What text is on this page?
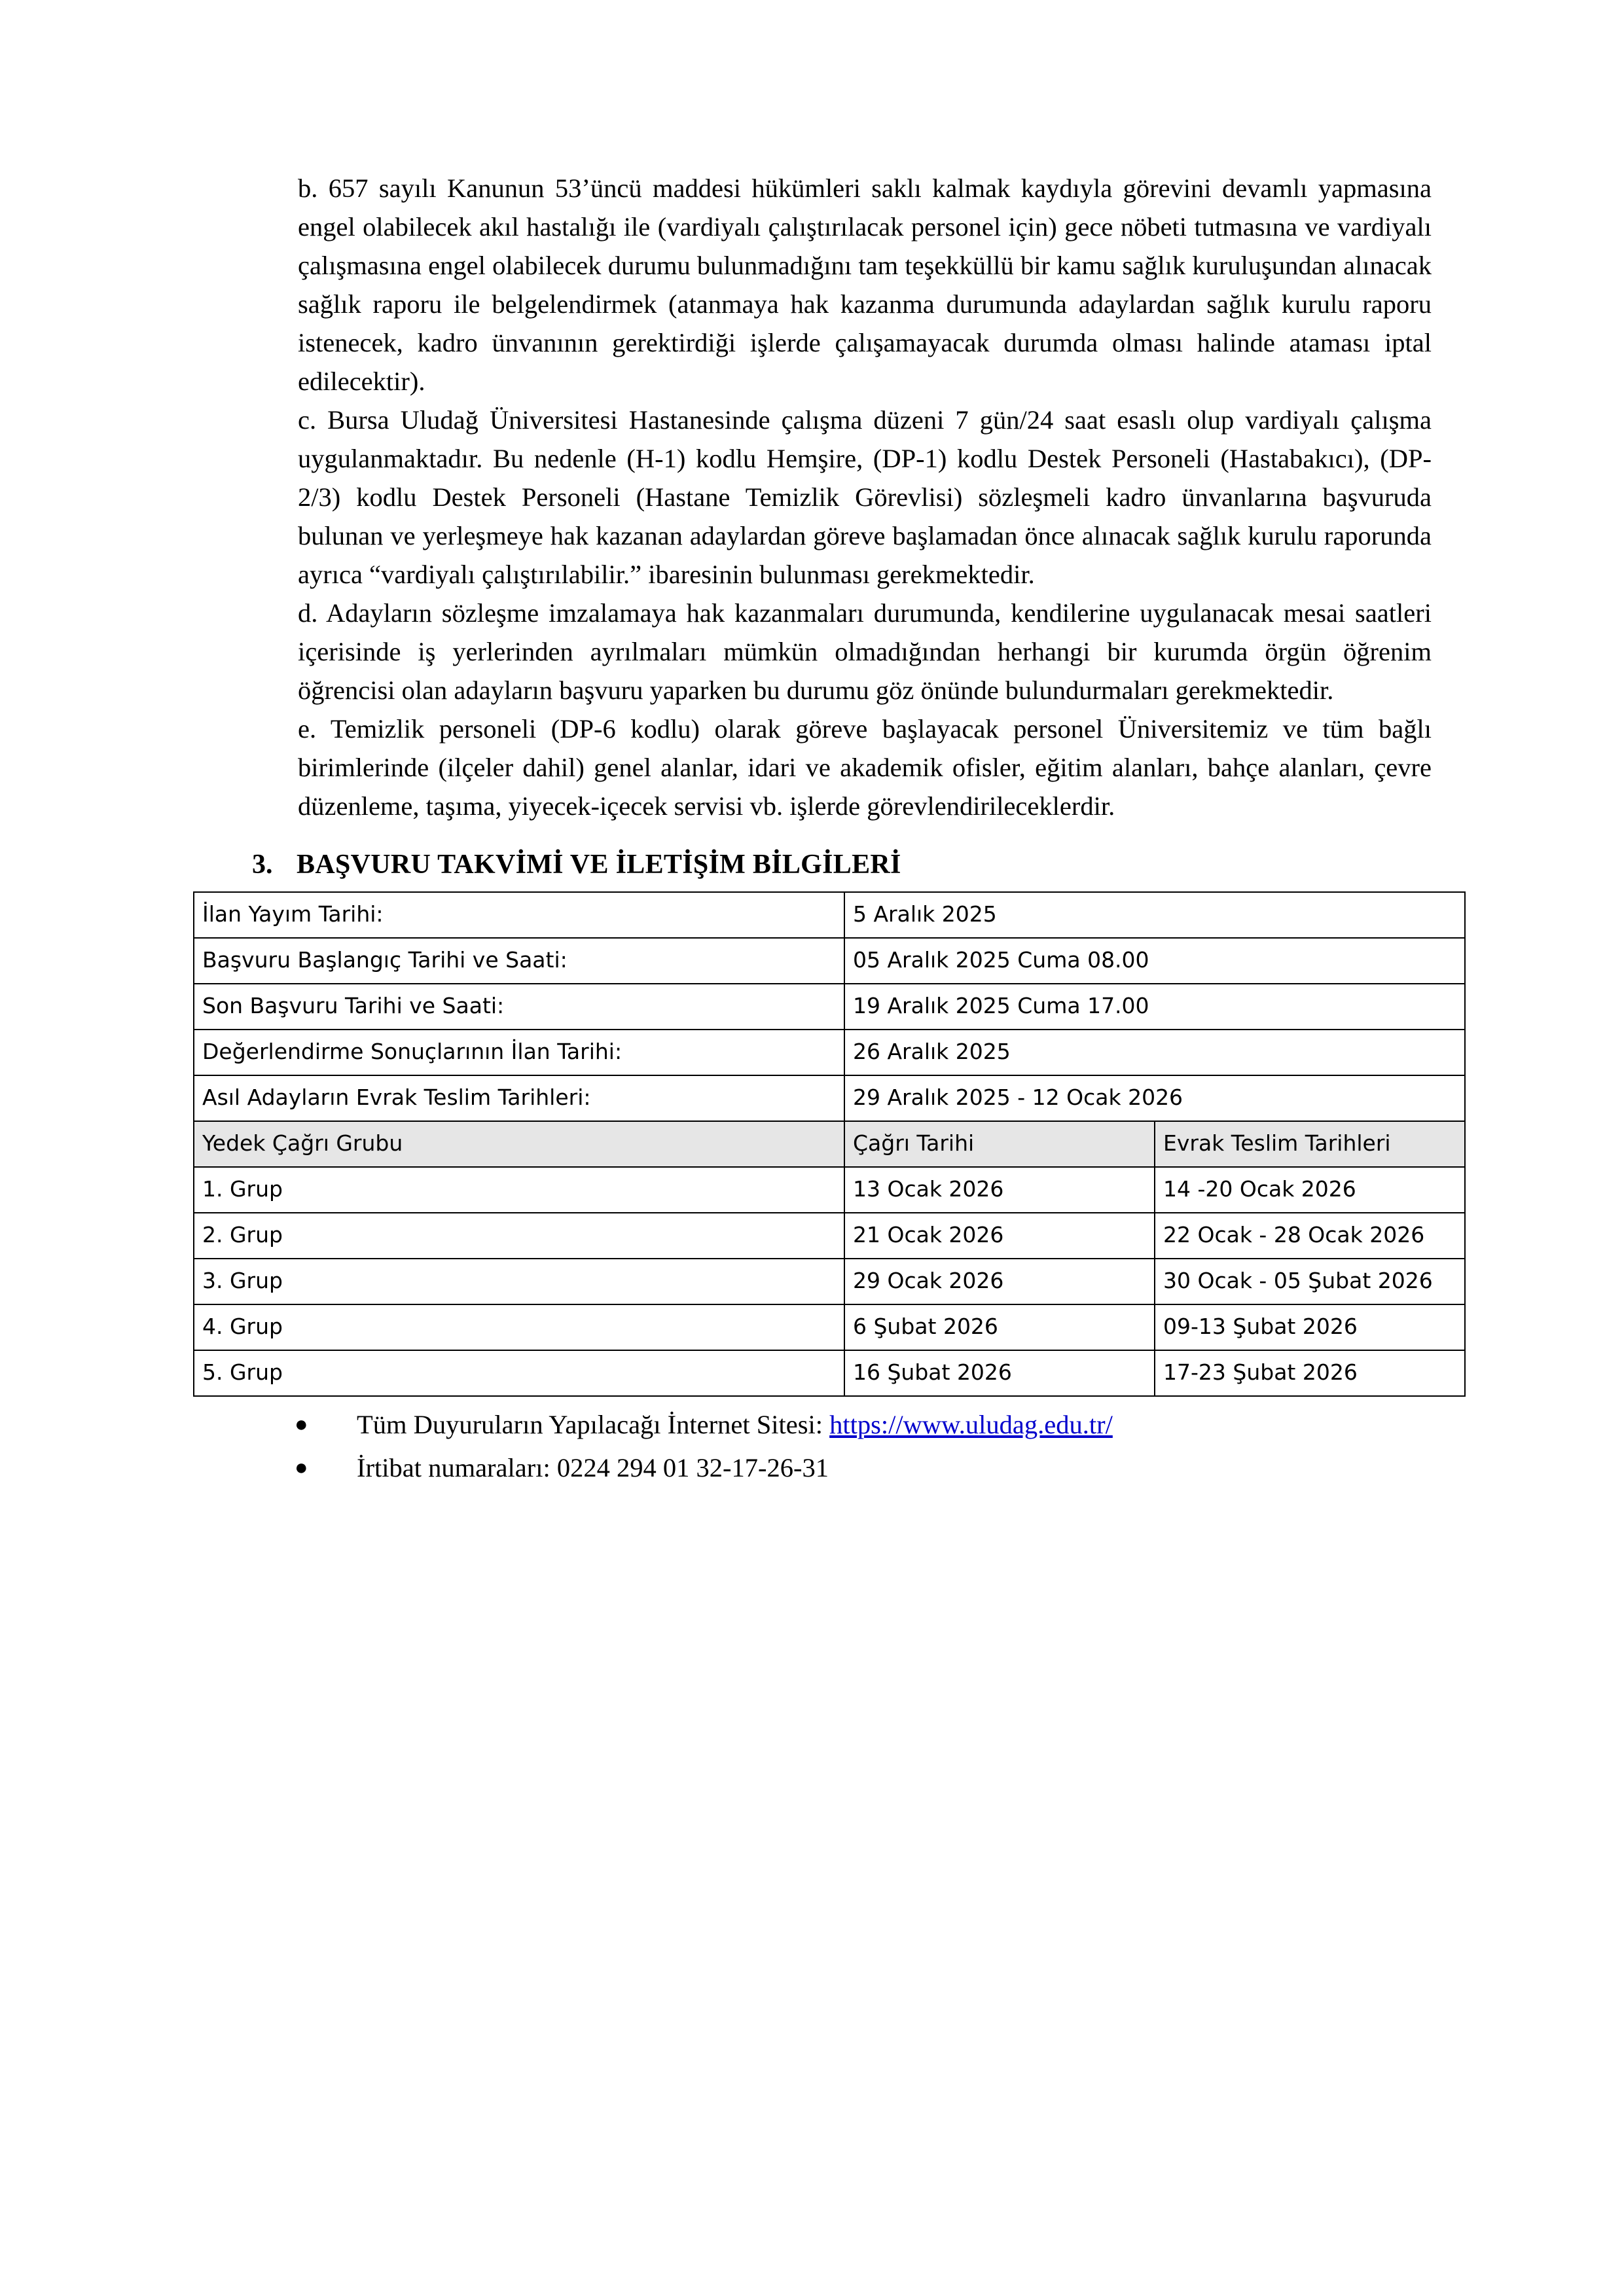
b. 657 sayılı Kanunun 53’üncü maddesi hükümleri saklı kalmak kaydıyla görevini devamlı yapmasına engel olabilecek akıl hastalığı ile (vardiyalı çalıştırılacak personel için) gece nöbeti tutmasına ve vardiyalı çalışmasına engel olabilecek durumu bulunmadığını tam teşekküllü bir kamu sağlık kuruluşundan alınacak sağlık raporu ile belgelendirmek (atanmaya hak kazanma durumunda adaylardan sağlık kurulu raporu istenecek, kadro ünvanının gerektirdiği işlerde çalışamayacak durumda olması halinde ataması iptal edilecektir).

c. Bursa Uludağ Üniversitesi Hastanesinde çalışma düzeni 7 gün/24 saat esaslı olup vardiyalı çalışma uygulanmaktadır. Bu nedenle (H-1) kodlu Hemşire, (DP-1) kodlu Destek Personeli (Hastabakıcı), (DP-2/3) kodlu Destek Personeli (Hastane Temizlik Görevlisi) sözleşmeli kadro ünvanlarına başvuruda bulunan ve yerleşmeye hak kazanan adaylardan göreve başlamadan önce alınacak sağlık kurulu raporunda ayrıca “vardiyalı çalıştırılabilir.” ibaresinin bulunması gerekmektedir.

d. Adayların sözleşme imzalamaya hak kazanmaları durumunda, kendilerine uygulanacak mesai saatleri içerisinde iş yerlerinden ayrılmaları mümkün olmadığından herhangi bir kurumda örgün öğrenim öğrencisi olan adayların başvuru yaparken bu durumu göz önünde bulundurmaları gerekmektedir.

e. Temizlik personeli (DP-6 kodlu) olarak göreve başlayacak personel Üniversitemiz ve tüm bağlı birimlerinde (ilçeler dahil) genel alanlar, idari ve akademik ofisler, eğitim alanları, bahçe alanları, çevre düzenleme, taşıma, yiyecek-içecek servisi vb. işlerde görevlendirileceklerdir.

3. BAŞVURU TAKVİMİ VE İLETİŞİM BİLGİLERİ
İlan Yayım Tarihi:	5 Aralık 2025	
Başvuru Başlangıç Tarihi ve Saati:	05 Aralık 2025 Cuma 08.00	
Son Başvuru Tarihi ve Saati:	19 Aralık 2025 Cuma 17.00	
Değerlendirme Sonuçlarının İlan Tarihi:	26 Aralık 2025	
Asıl Adayların Evrak Teslim Tarihleri:	29 Aralık 2025 - 12 Ocak 2026	
Yedek Çağrı Grubu	Çağrı Tarihi	Evrak Teslim Tarihleri
1. Grup	13 Ocak 2026	14 -20 Ocak 2026
2. Grup	21 Ocak 2026	22 Ocak - 28 Ocak 2026
3. Grup	29 Ocak 2026	30 Ocak - 05 Şubat 2026
4. Grup	6 Şubat 2026	09-13 Şubat 2026
5. Grup	16 Şubat 2026	17-23 Şubat 2026
● Tüm Duyuruların Yapılacağı İnternet Sitesi: https://www.uludag.edu.tr/
● İrtibat numaraları: 0224 294 01 32-17-26-31
